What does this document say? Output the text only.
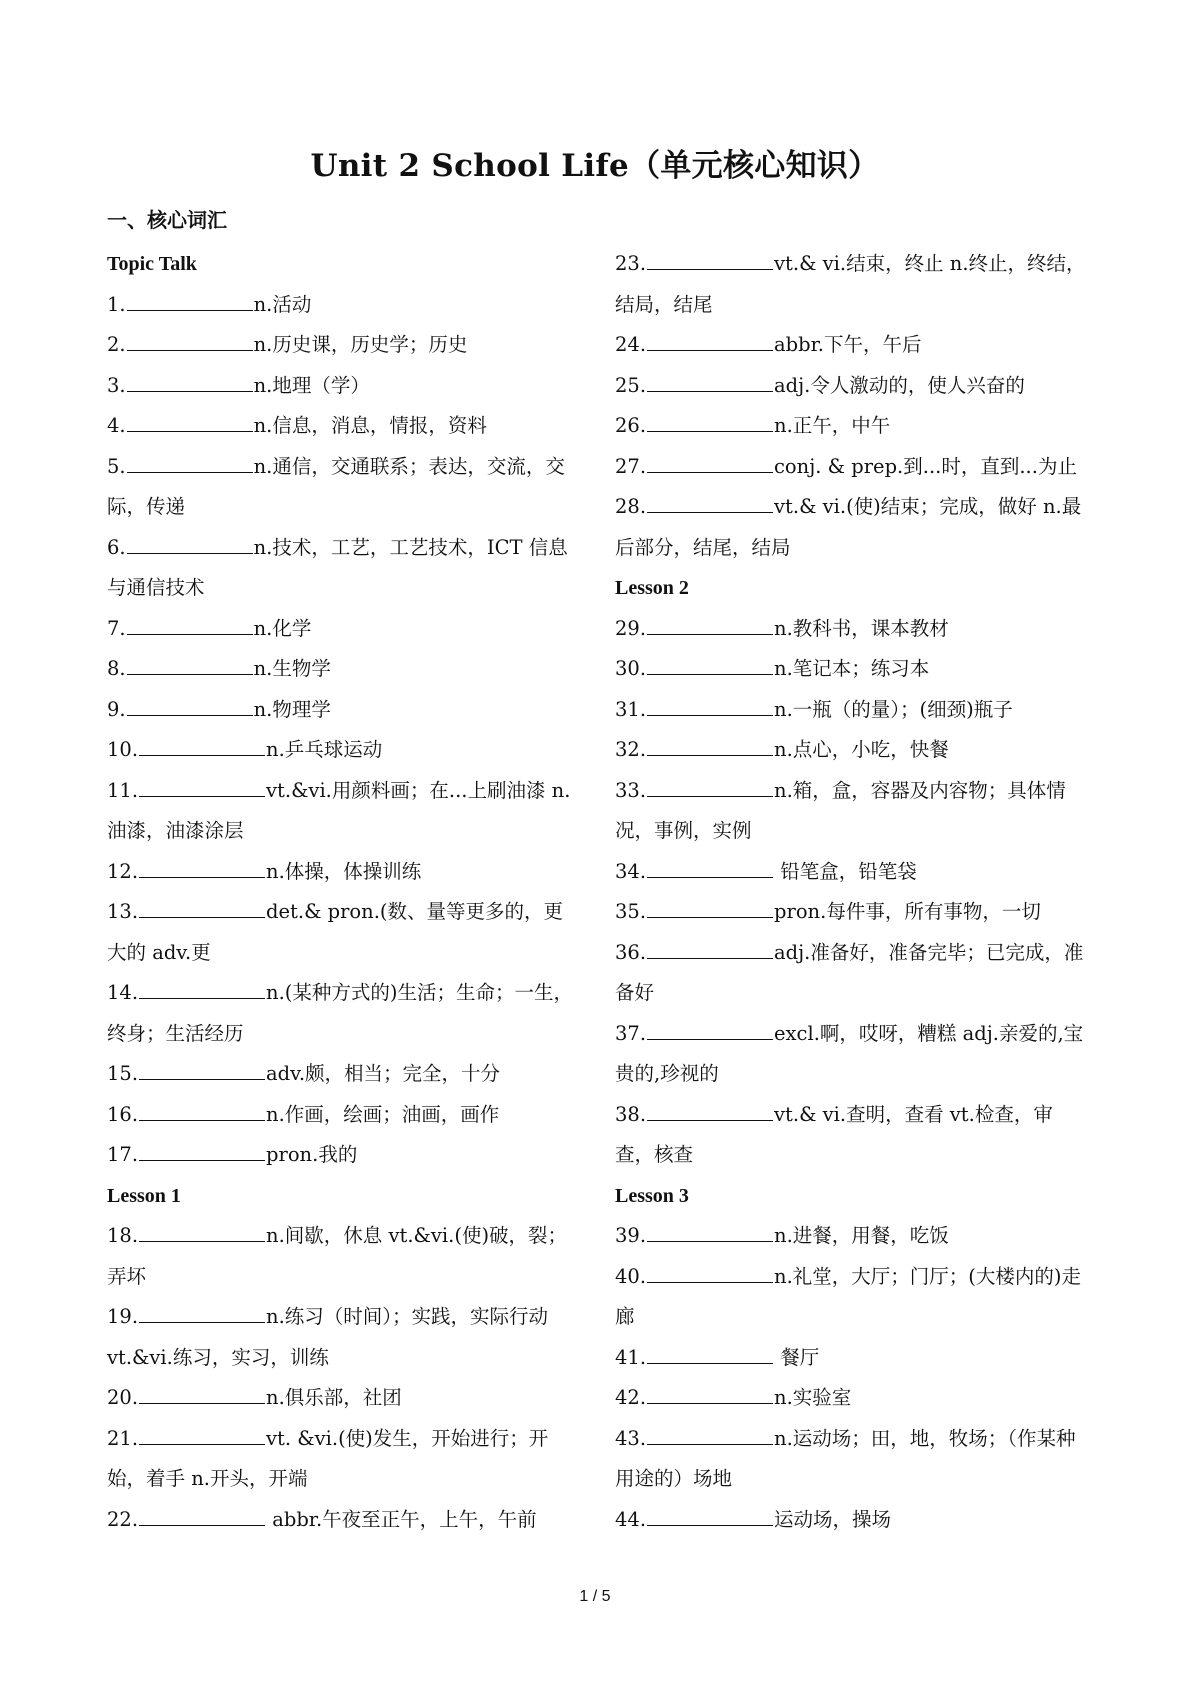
Unit 2 School Life（单元核心知识）
一、核心词汇
Topic Talk
1.	n.活动
2.	n.历史课，历史学；历史
3.	n.地理（学）
4.	n.信息，消息，情报，资料
5.	n.通信，交通联系；表达，交流，交际，传递
6.	n.技术，工艺，工艺技术，ICT 信息与通信技术
7.	n.化学
8.	n.生物学
9.	n.物理学
10.	n.乒乓球运动
11.	vt.&vi.用颜料画；在...上刷油漆 n.油漆，油漆涂层
12.	n.体操，体操训练
13.	det.& pron.(数、量等更多的，更大的 adv.更
14.	n.(某种方式的)生活；生命；一生，终身；生活经历
15.	adv.颇，相当；完全，十分
16.	n.作画，绘画；油画，画作
17.	pron.我的
Lesson 1
18.	n.间歇，休息 vt.&vi.(使)破，裂；弄坏
19.	n.练习（时间）；实践，实际行动 vt.&vi.练习，实习，训练
20.	n.俱乐部，社团
21.	vt. &vi.(使)发生，开始进行；开始，着手 n.开头，开端
22.	abbr.午夜至正午，上午，午前
23.	vt.& vi.结束，终止 n.终止，终结，结局，结尾
24.	abbr.下午，午后
25.	adj.令人激动的，使人兴奋的
26.	n.正午，中午
27.	conj. & prep.到...时，直到...为止
28.	vt.& vi.(使)结束；完成，做好 n.最后部分，结尾，结局
Lesson 2
29.	n.教科书，课本教材
30.	n.笔记本；练习本
31.	n.一瓶（的量）；(细颈)瓶子
32.	n.点心，小吃，快餐
33.	n.箱，盒，容器及内容物；具体情况，事例，实例
34.	铅笔盒，铅笔袋
35.	pron.每件事，所有事物，一切
36.	adj.准备好，准备完毕；已完成，准备好
37.	excl.啊，哎呀，糟糕 adj.亲爱的,宝贵的,珍视的
38.	vt.& vi.查明，查看 vt.检查，审查，核查
Lesson 3
39.	n.进餐，用餐，吃饭
40.	n.礼堂，大厅；门厅；(大楼内的)走廊
41.	餐厅
42.	n.实验室
43.	n.运动场；田，地，牧场；（作某种用途的）场地
44.	运动场，操场
1 / 5
